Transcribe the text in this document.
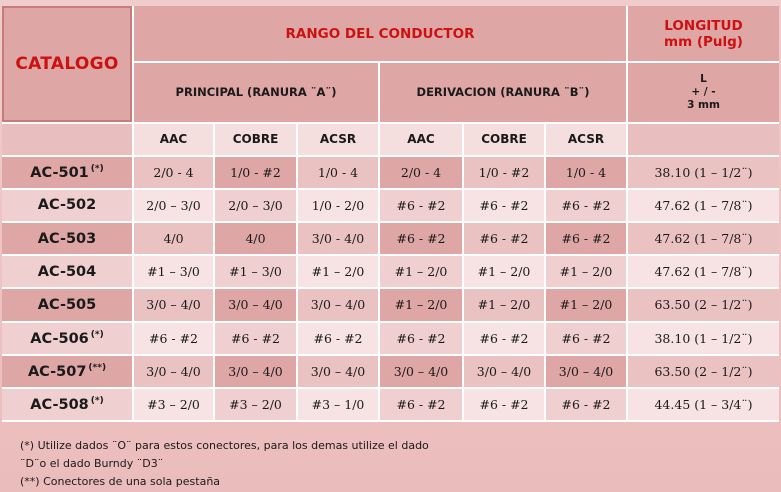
CATALOGO	RANGO DEL CONDUCTOR						LONGITUD
mm (Pulg)

	PRINCIPAL (RANURA ¨A¨)			DERIVACION (RANURA ¨B¨)			L
+ / -
3 mm

	AAC	COBRE	ACSR	AAC	COBRE	ACSR	
AC-501 (*)	2/0 - 4	1/0 - #2	1/0 - 4	2/0 - 4	1/0 - #2	1/0 - 4	38.10 (1 – 1/2¨)
AC-502	2/0 – 3/0	2/0 – 3/0	1/0 - 2/0	#6 - #2	#6 - #2	#6 - #2	47.62 (1 – 7/8¨)
AC-503	4/0	4/0	3/0 - 4/0	#6 - #2	#6 - #2	#6 - #2	47.62 (1 – 7/8¨)
AC-504	#1 – 3/0	#1 – 3/0	#1 – 2/0	#1 – 2/0	#1 – 2/0	#1 – 2/0	47.62 (1 – 7/8¨)
AC-505	3/0 – 4/0	3/0 – 4/0	3/0 – 4/0	#1 – 2/0	#1 – 2/0	#1 – 2/0	63.50 (2 – 1/2¨)
AC-506 (*)	#6 - #2	#6 - #2	#6 - #2	#6 - #2	#6 - #2	#6 - #2	38.10 (1 – 1/2¨)
AC-507 (**)	3/0 – 4/0	3/0 – 4/0	3/0 – 4/0	3/0 – 4/0	3/0 – 4/0	3/0 – 4/0	63.50 (2 – 1/2¨)
AC-508 (*)	#3 – 2/0	#3 – 2/0	#3 – 1/0	#6 - #2	#6 - #2	#6 - #2	44.45 (1 – 3/4¨)

(*) Utilize dados ¨O¨ para estos conectores, para los demas utilize el dado

¨D¨o el dado Burndy ¨D3¨

(**) Conectores de una sola pestaña
